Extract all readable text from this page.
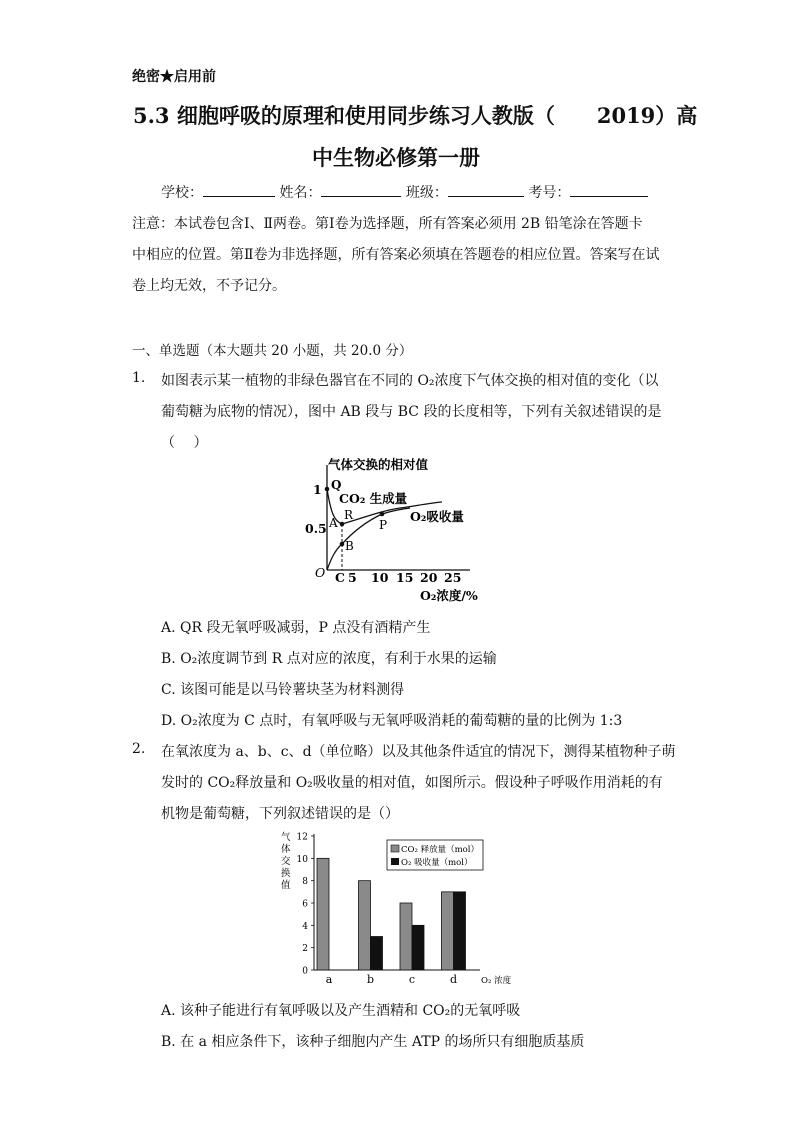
绝密★启用前
5.3 细胞呼吸的原理和使用同步练习人教版（　　2019）高
中生物必修第一册
学校：	姓名：	班级：	考号：
注意：本试卷包含Ⅰ、Ⅱ两卷。第Ⅰ卷为选择题，所有答案必须用 2B 铅笔涂在答题卡
中相应的位置。第Ⅱ卷为非选择题，所有答案必须填在答题卷的相应位置。答案写在试
卷上均无效，不予记分。
一、单选题（本大题共 20 小题，共 20.0 分）
1. 如图表示某一植物的非绿色器官在不同的 O₂浓度下气体交换的相对值的变化（以
葡萄糖为底物的情况），图中 AB 段与 BC 段的长度相等，下列有关叙述错误的是
（　 ）
气体交换的相对值
1
0.5
O
Q
R
A
B
P
CO₂ 生成量
O₂吸收量
C 5 10 15 20 25
O₂浓度/%
A. QR 段无氧呼吸减弱，P 点没有酒精产生
B. O₂浓度调节到 R 点对应的浓度，有利于水果的运输
C. 该图可能是以马铃薯块茎为材料测得
D. O₂浓度为 C 点时，有氧呼吸与无氧呼吸消耗的葡萄糖的量的比例为 1:3
2. 在氧浓度为 a、b、c、d（单位略）以及其他条件适宜的情况下，测得某植物种子萌
发时的 CO₂释放量和 O₂吸收量的相对值，如图所示。假设种子呼吸作用消耗的有
机物是葡萄糖，下列叙述错误的是（）
气
体
交
换
值
0
2
4
6
8
10
12
a	b	c	d	O₂ 浓度
CO₂ 释放量（mol）
O₂ 吸收量（mol）
A. 该种子能进行有氧呼吸以及产生酒精和 CO₂的无氧呼吸
B. 在 a 相应条件下，该种子细胞内产生 ATP 的场所只有细胞质基质
